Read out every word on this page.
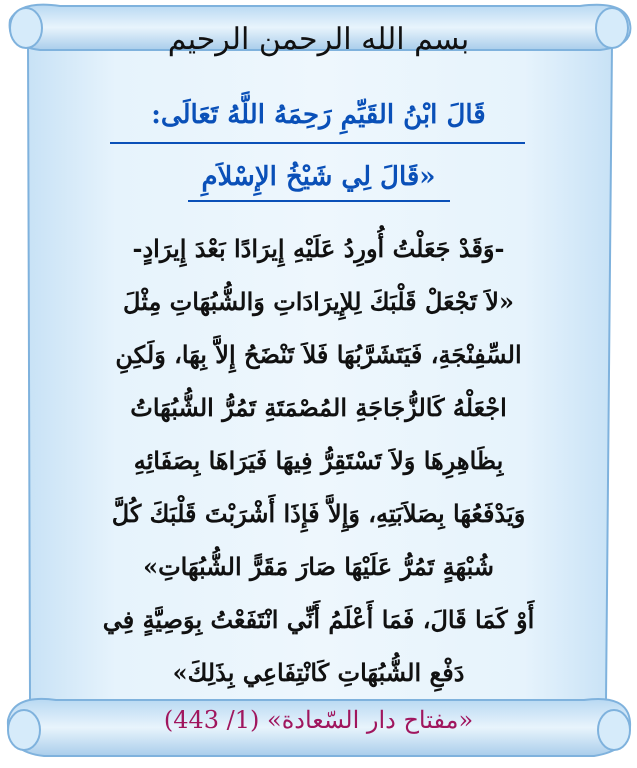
بسم الله الرحمن الرحيم
قَالَ ابْنُ القَيِّمِ رَحِمَهُ اللَّهُ تَعَالَى:
«قَالَ لِي شَيْخُ الإِسْلاَمِ
-وَقَدْ جَعَلْتُ أُورِدُ عَلَيْهِ إِيرَادًا بَعْدَ إِيرَادٍ-
«لاَ تَجْعَلْ قَلْبَكَ لِلإِيرَادَاتِ وَالشُّبُهَاتِ مِثْلَ
السِّفِنْجَةِ، فَيَتَشَرَّبُهَا فَلاَ تَنْضَحُ إِلاَّ بِهَا، وَلَكِنِ
اجْعَلْهُ كَالزُّجَاجَةِ المُصْمَتَةِ تَمُرُّ الشُّبُهَاتُ
بِظَاهِرِهَا وَلاَ تَسْتَقِرُّ فِيهَا فَيَرَاهَا بِصَفَائِهِ
وَيَدْفَعُهَا بِصَلاَبَتِهِ، وَإِلاَّ فَإِذَا أَشْرَبْتَ قَلْبَكَ كُلَّ
شُبْهَةٍ تَمُرُّ عَلَيْهَا صَارَ مَقَرًّ الشُّبُهَاتِ»
أَوْ كَمَا قَالَ، فَمَا أَعْلَمُ أَنِّي انْتَفَعْتُ بِوَصِيَّةٍ فِي
دَفْعِ الشُّبُهَاتِ كَانْتِفَاعِي بِذَلِكَ»
«مفتاح دار السّعادة» (1/ 443)
